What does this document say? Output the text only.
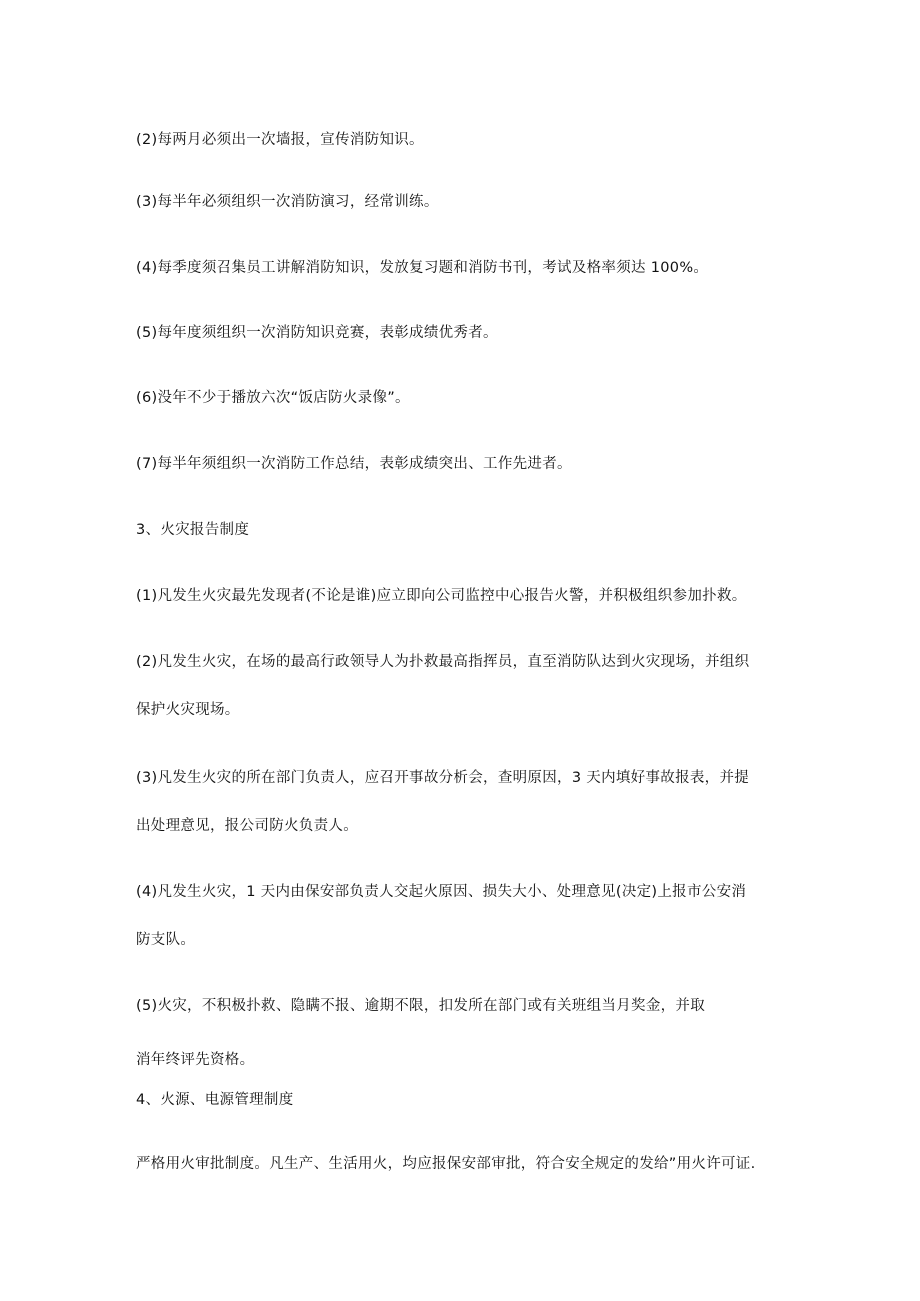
(2)每两月必须出一次墙报，宣传消防知识。
(3)每半年必须组织一次消防演习，经常训练。
(4)每季度须召集员工讲解消防知识，发放复习题和消防书刊，考试及格率须达 100%。
(5)每年度须组织一次消防知识竞赛，表彰成绩优秀者。
(6)没年不少于播放六次“饭店防火录像”。
(7)每半年须组织一次消防工作总结，表彰成绩突出、工作先进者。
3、火灾报告制度
(1)凡发生火灾最先发现者(不论是谁)应立即向公司监控中心报告火警，并积极组织参加扑救。
(2)凡发生火灾，在场的最高行政领导人为扑救最高指挥员，直至消防队达到火灾现场，并组织
保护火灾现场。
(3)凡发生火灾的所在部门负责人，应召开事故分析会，查明原因，3 天内填好事故报表，并提
出处理意见，报公司防火负责人。
(4)凡发生火灾，1 天内由保安部负责人交起火原因、损失大小、处理意见(决定)上报市公安消
防支队。
(5)火灾，不积极扑救、隐瞒不报、逾期不限，扣发所在部门或有关班组当月奖金，并取
消年终评先资格。
4、火源、电源管理制度
严格用火审批制度。凡生产、生活用火，均应报保安部审批，符合安全规定的发给”用火许可证.
